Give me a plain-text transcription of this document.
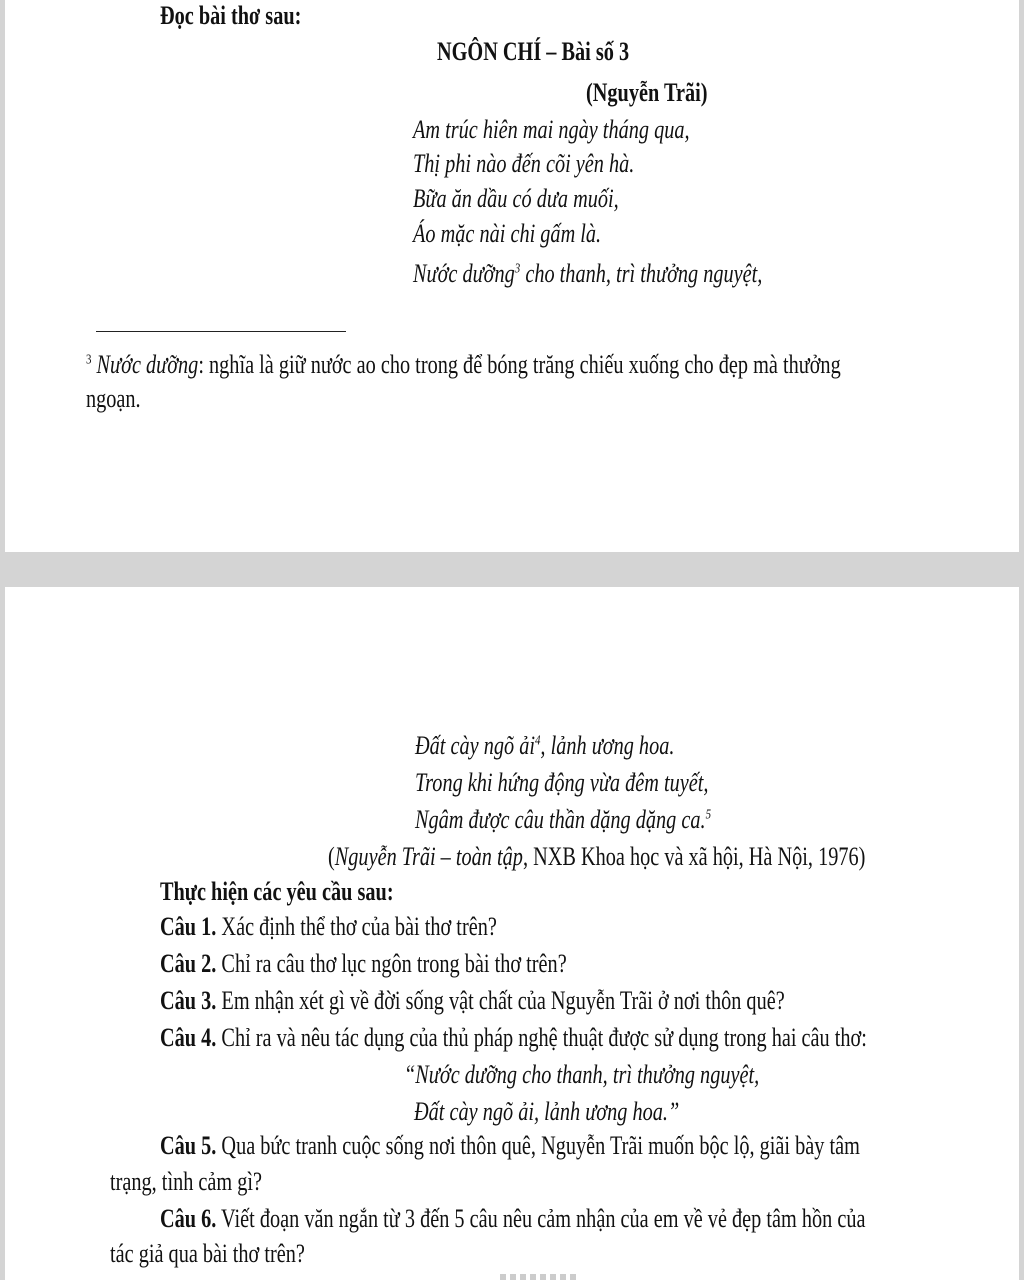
Đọc bài thơ sau:
NGÔN CHÍ – Bài số 3
(Nguyễn Trãi)
Am trúc hiên mai ngày tháng qua,
Thị phi nào đến cõi yên hà.
Bữa ăn dầu có dưa muối,
Áo mặc nài chi gấm là.
Nước dưỡng$^3$ cho thanh, trì thưởng nguyệt,
$^3$ Nước dưỡng: nghĩa là giữ nước ao cho trong để bóng trăng chiếu xuống cho đẹp mà thưởng
ngoạn.
Đất cày ngõ ải$^4$, lảnh ương hoa.
Trong khi hứng động vừa đêm tuyết,
Ngâm được câu thần dặng dặng ca.$^5$
(Nguyễn Trãi – toàn tập, NXB Khoa học và xã hội, Hà Nội, 1976)
Thực hiện các yêu cầu sau:
Câu 1. Xác định thể thơ của bài thơ trên?
Câu 2. Chỉ ra câu thơ lục ngôn trong bài thơ trên?
Câu 3. Em nhận xét gì về đời sống vật chất của Nguyễn Trãi ở nơi thôn quê?
Câu 4. Chỉ ra và nêu tác dụng của thủ pháp nghệ thuật được sử dụng trong hai câu thơ:
“Nước dưỡng cho thanh, trì thưởng nguyệt,
Đất cày ngõ ải, lảnh ương hoa.”
Câu 5. Qua bức tranh cuộc sống nơi thôn quê, Nguyễn Trãi muốn bộc lộ, giãi bày tâm
trạng, tình cảm gì?
Câu 6. Viết đoạn văn ngắn từ 3 đến 5 câu nêu cảm nhận của em về vẻ đẹp tâm hồn của
tác giả qua bài thơ trên?
